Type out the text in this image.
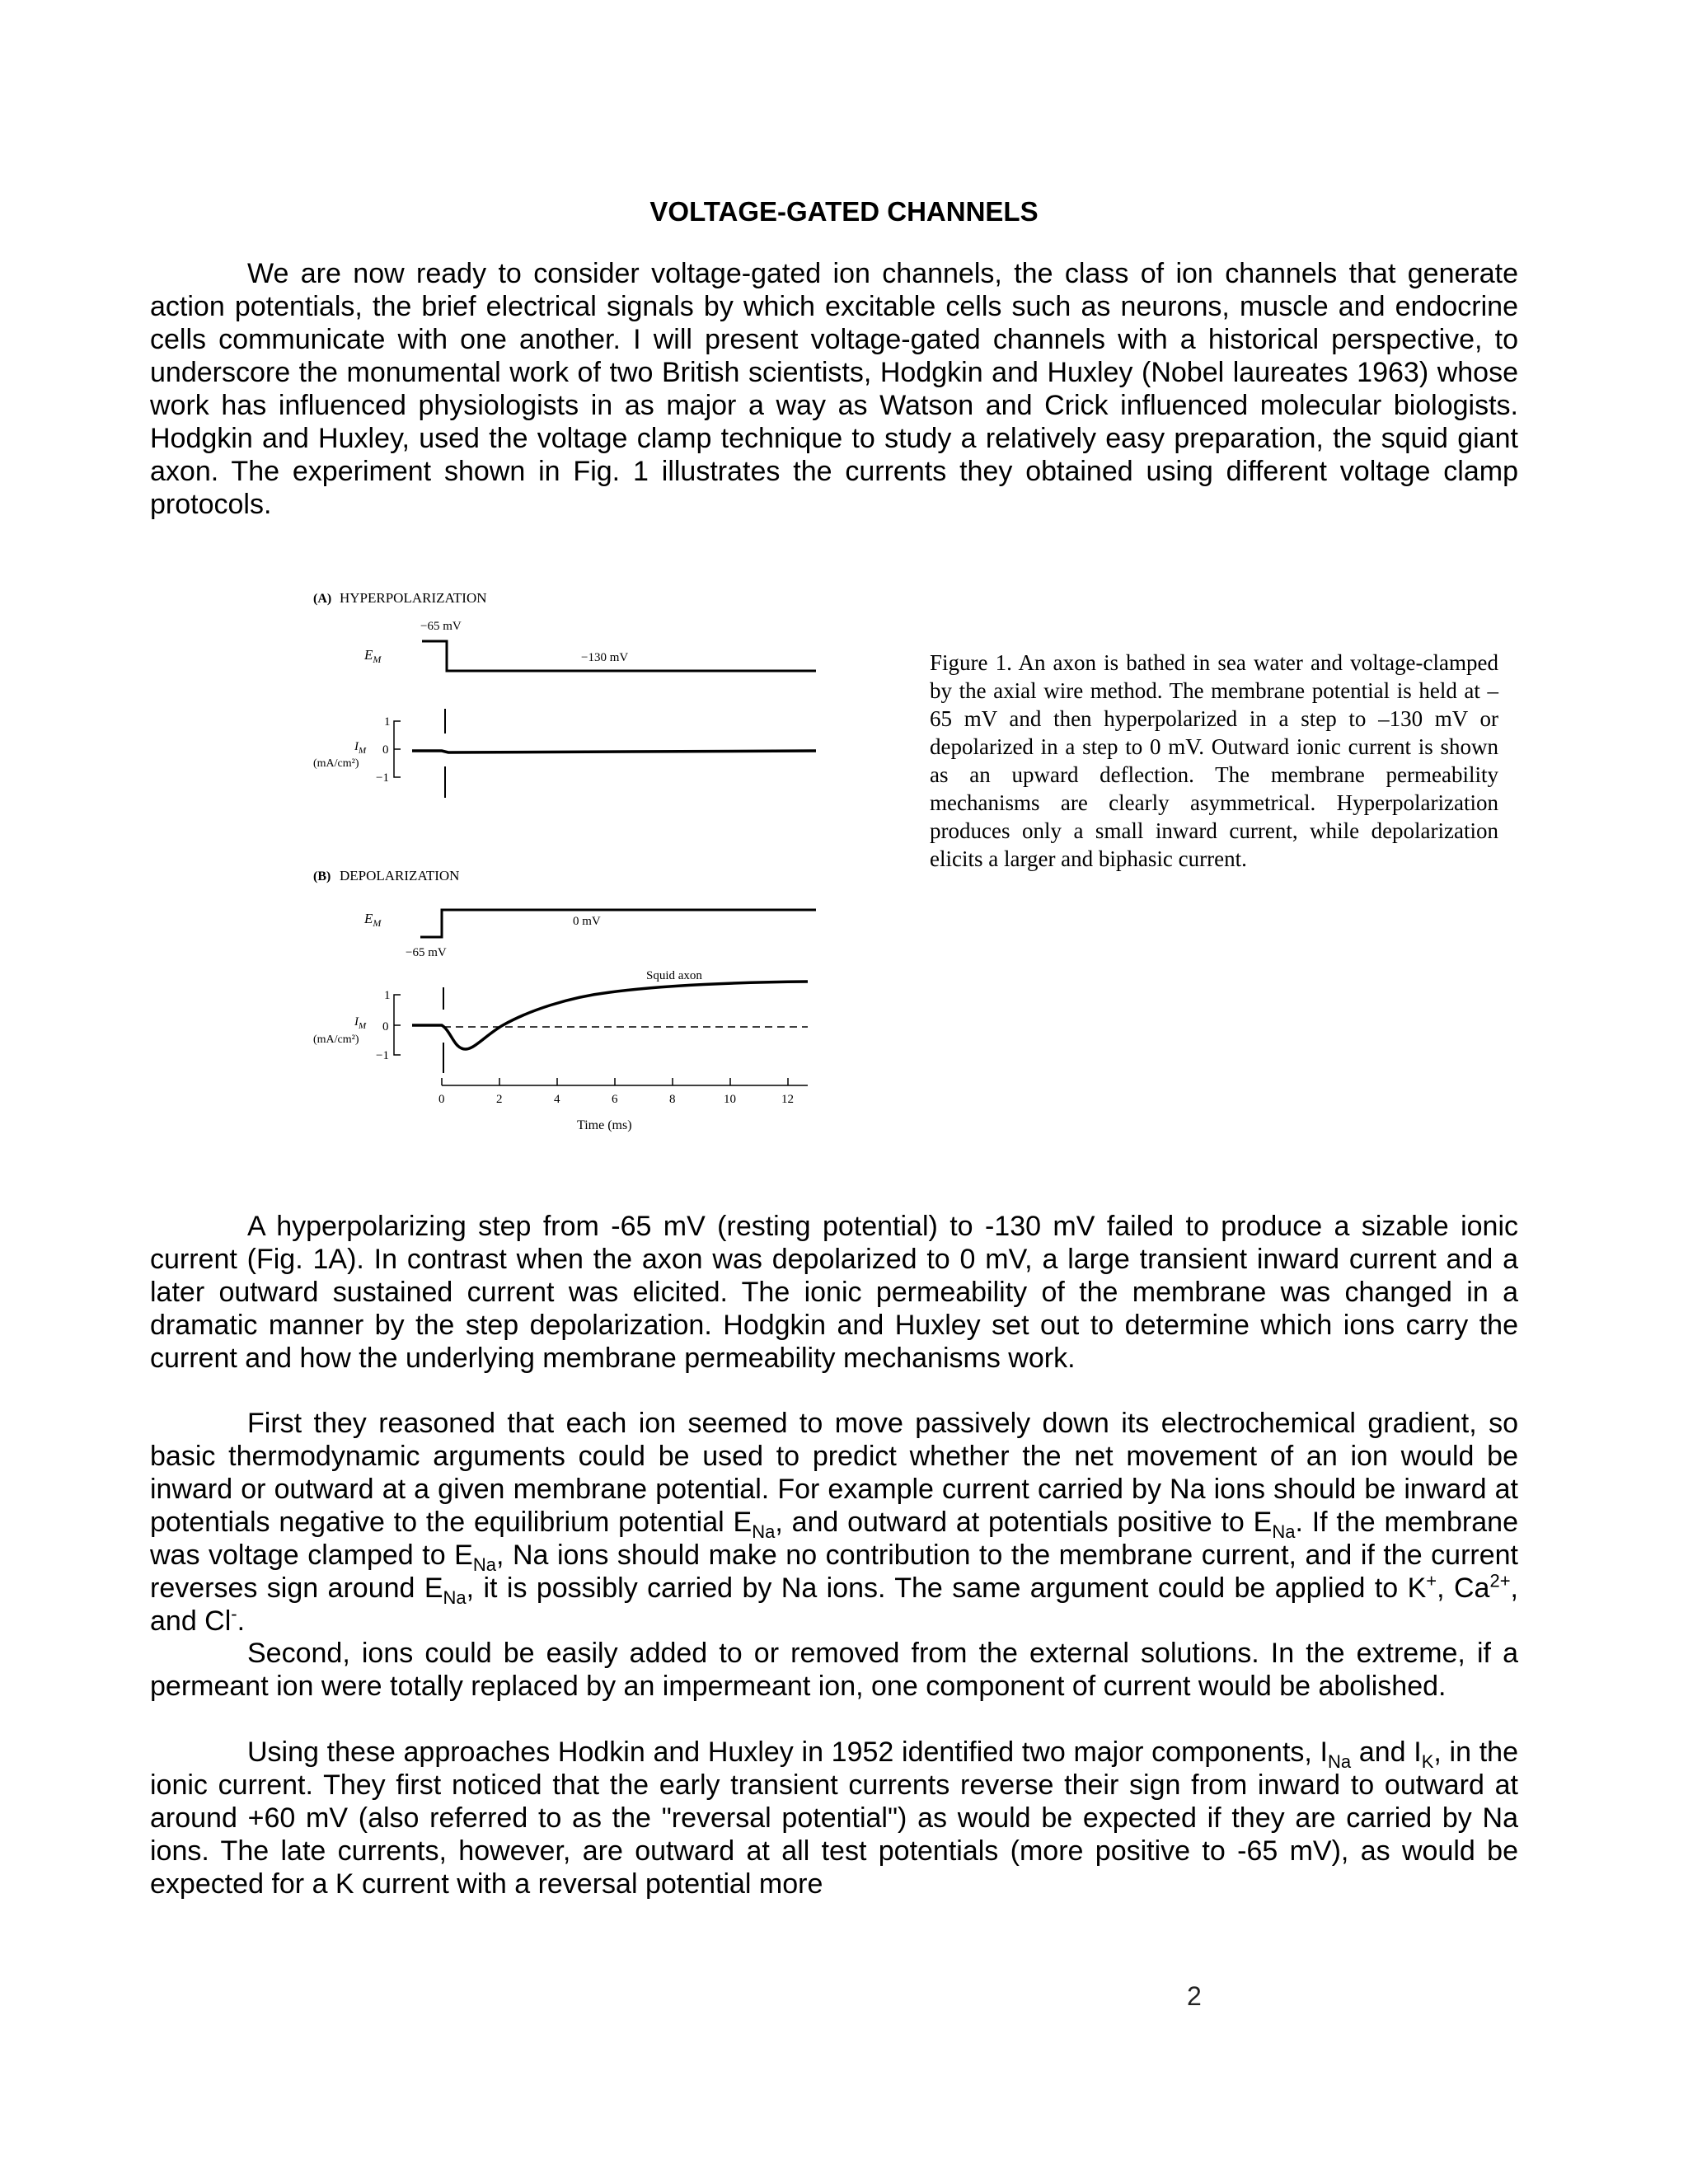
VOLTAGE-GATED CHANNELS

We are now ready to consider voltage-gated ion channels, the class of ion channels that generate action potentials, the brief electrical signals by which excitable cells such as neurons, muscle and endocrine cells communicate with one another. I will present voltage-gated channels with a historical perspective, to underscore the monumental work of two British scientists, Hodgkin and Huxley (Nobel laureates 1963) whose work has influenced physiologists in as major a way as Watson and Crick influenced molecular biologists. Hodgkin and Huxley, used the voltage clamp technique to study a relatively easy preparation, the squid giant axon. The experiment shown in Fig. 1 illustrates the currents they obtained using different voltage clamp protocols.

(A) HYPERPOLARIZATION
−65 mV
$E_M$	−130 mV
1
0
−1
$I_M$
(mA/cm²)
(B) DEPOLARIZATION
$E_M$	0 mV
−65 mV
Squid axon
1
0
−1
$I_M$
(mA/cm²)
0	2	4	6	8	10	12
Time (ms)

Figure 1. An axon is bathed in sea water and voltage-clamped by the axial wire method. The membrane potential is held at –65 mV and then hyperpolarized in a step to –130 mV or depolarized in a step to 0 mV. Outward ionic current is shown as an upward deflection. The membrane permeability mechanisms are clearly asymmetrical. Hyperpolarization produces only a small inward current, while depolarization elicits a larger and biphasic current.

A hyperpolarizing step from -65 mV (resting potential) to -130 mV failed to produce a sizable ionic current (Fig. 1A). In contrast when the axon was depolarized to 0 mV, a large transient inward current and a later outward sustained current was elicited. The ionic permeability of the membrane was changed in a dramatic manner by the step depolarization. Hodgkin and Huxley set out to determine which ions carry the current and how the underlying membrane permeability mechanisms work.

First they reasoned that each ion seemed to move passively down its electrochemical gradient, so basic thermodynamic arguments could be used to predict whether the net movement of an ion would be inward or outward at a given membrane potential. For example current carried by Na ions should be inward at potentials negative to the equilibrium potential $E_{Na}$, and outward at potentials positive to $E_{Na}$. If the membrane was voltage clamped to $E_{Na}$, Na ions should make no contribution to the membrane current, and if the current reverses sign around $E_{Na}$, it is possibly carried by Na ions. The same argument could be applied to K+, $Ca^{2+}$, and Cl-.

Second, ions could be easily added to or removed from the external solutions. In the extreme, if a permeant ion were totally replaced by an impermeant ion, one component of current would be abolished.

Using these approaches Hodkin and Huxley in 1952 identified two major components, $I_{Na}$ and $I_K$, in the ionic current. They first noticed that the early transient currents reverse their sign from inward to outward at around +60 mV (also referred to as the "reversal potential") as would be expected if they are carried by Na ions. The late currents, however, are outward at all test potentials (more positive to -65 mV), as would be expected for a K current with a reversal potential more

2
